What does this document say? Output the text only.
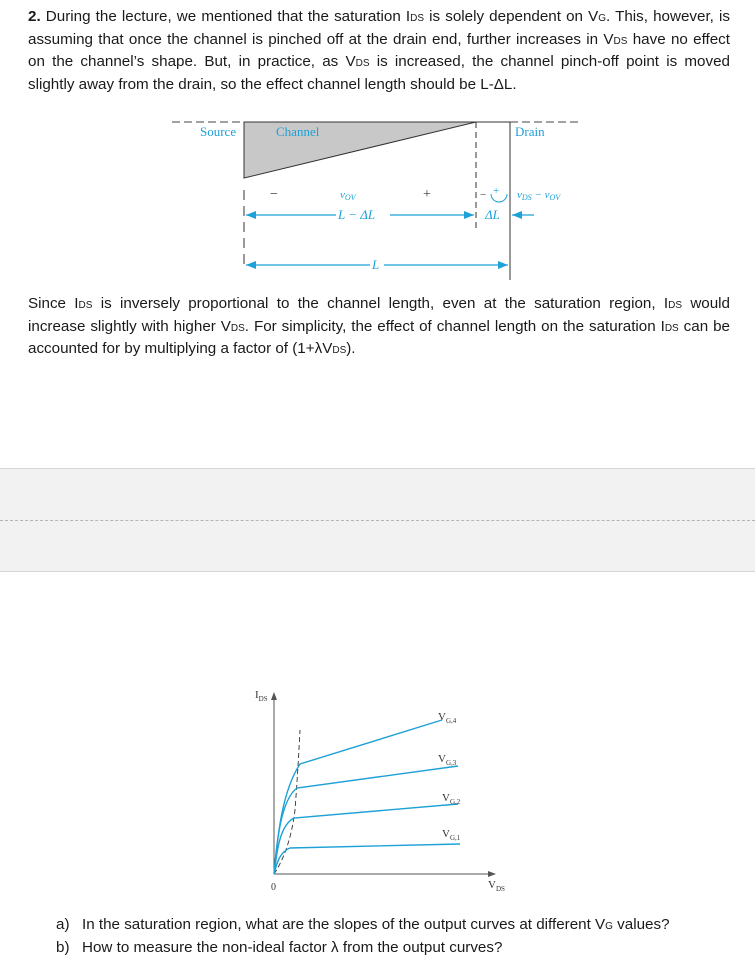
2. During the lecture, we mentioned that the saturation IDS is solely dependent on VG. This, however, is assuming that once the channel is pinched off at the drain end, further increases in VDS have no effect on the channel’s shape. But, in practice, as VDS is increased, the channel pinch-off point is moved slightly away from the drain, so the effect channel length should be L-ΔL.

Source	Channel	Drain
−	+
vOV
L − ΔL
− + vDS − vOV
ΔL
L

Since IDS is inversely proportional to the channel length, even at the saturation region, IDS would increase slightly with higher VDS. For simplicity, the effect of channel length on the saturation IDS can be accounted for by multiplying a factor of (1+λVDS).

$I_{DS}$
$V_{DS}$
0
$V_{G,4}$
$V_{G,3}$
$V_{G,2}$
$V_{G,1}$
a) In the saturation region, what are the slopes of the output curves at different VG values?
b) How to measure the non-ideal factor λ from the output curves?
